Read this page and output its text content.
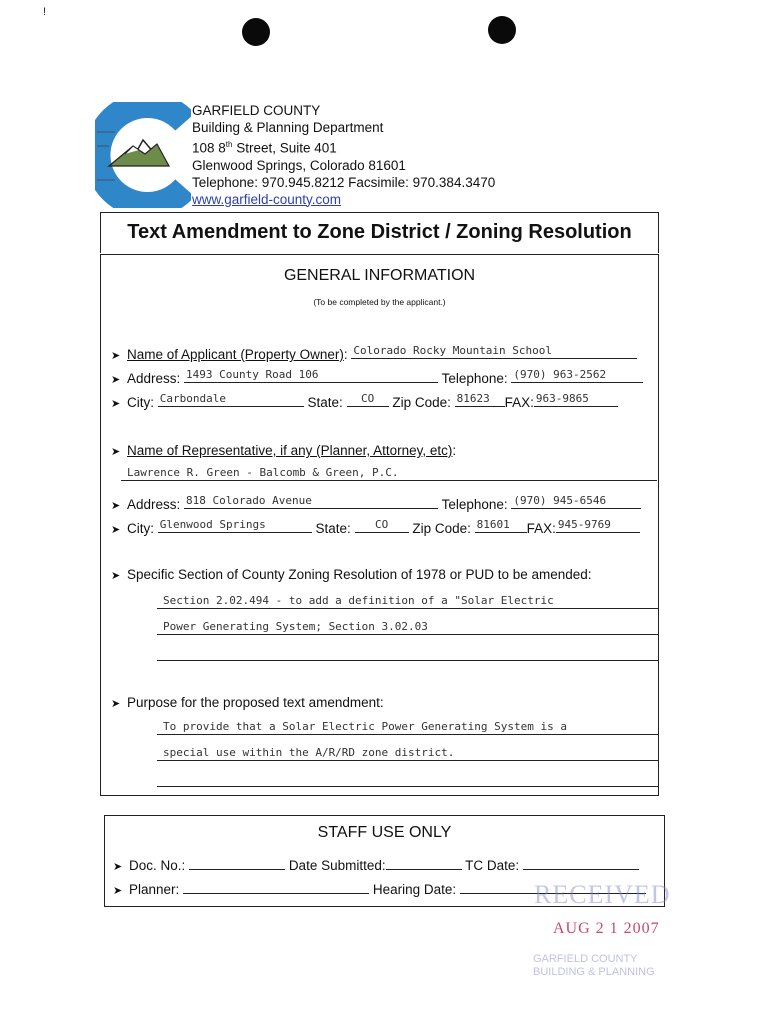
!
GARFIELD COUNTY
Building & Planning Department
108 8th Street, Suite 401
Glenwood Springs, Colorado 81601
Telephone: 970.945.8212 Facsimile: 970.384.3470
www.garfield-county.com
Text Amendment to Zone District / Zoning Resolution
GENERAL INFORMATION
(To be completed by the applicant.)
➤ Name of Applicant (Property Owner): Colorado Rocky Mountain School
➤ Address: 1493 County Road 106	Telephone: (970) 963-2562
➤ City: Carbondale	State: CO Zip Code: 81623 FAX: 963-9865
➤ Name of Representative, if any (Planner, Attorney, etc):
Lawrence R. Green - Balcomb & Green, P.C.
➤ Address: 818 Colorado Avenue	Telephone: (970) 945-6546
➤ City: Glenwood Springs	State: CO Zip Code: 81601 FAX: 945-9769
➤ Specific Section of County Zoning Resolution of 1978 or PUD to be amended:
Section 2.02.494 - to add a definition of a "Solar Electric
Power Generating System; Section 3.02.03
➤ Purpose for the proposed text amendment:
To provide that a Solar Electric Power Generating System is a
special use within the A/R/RD zone district.
STAFF USE ONLY
➤ Doc. No.:	Date Submitted:	TC Date:
➤ Planner:	Hearing Date:	RECEIVED
AUG 2 1 2007
GARFIELD COUNTY
BUILDING & PLANNING
